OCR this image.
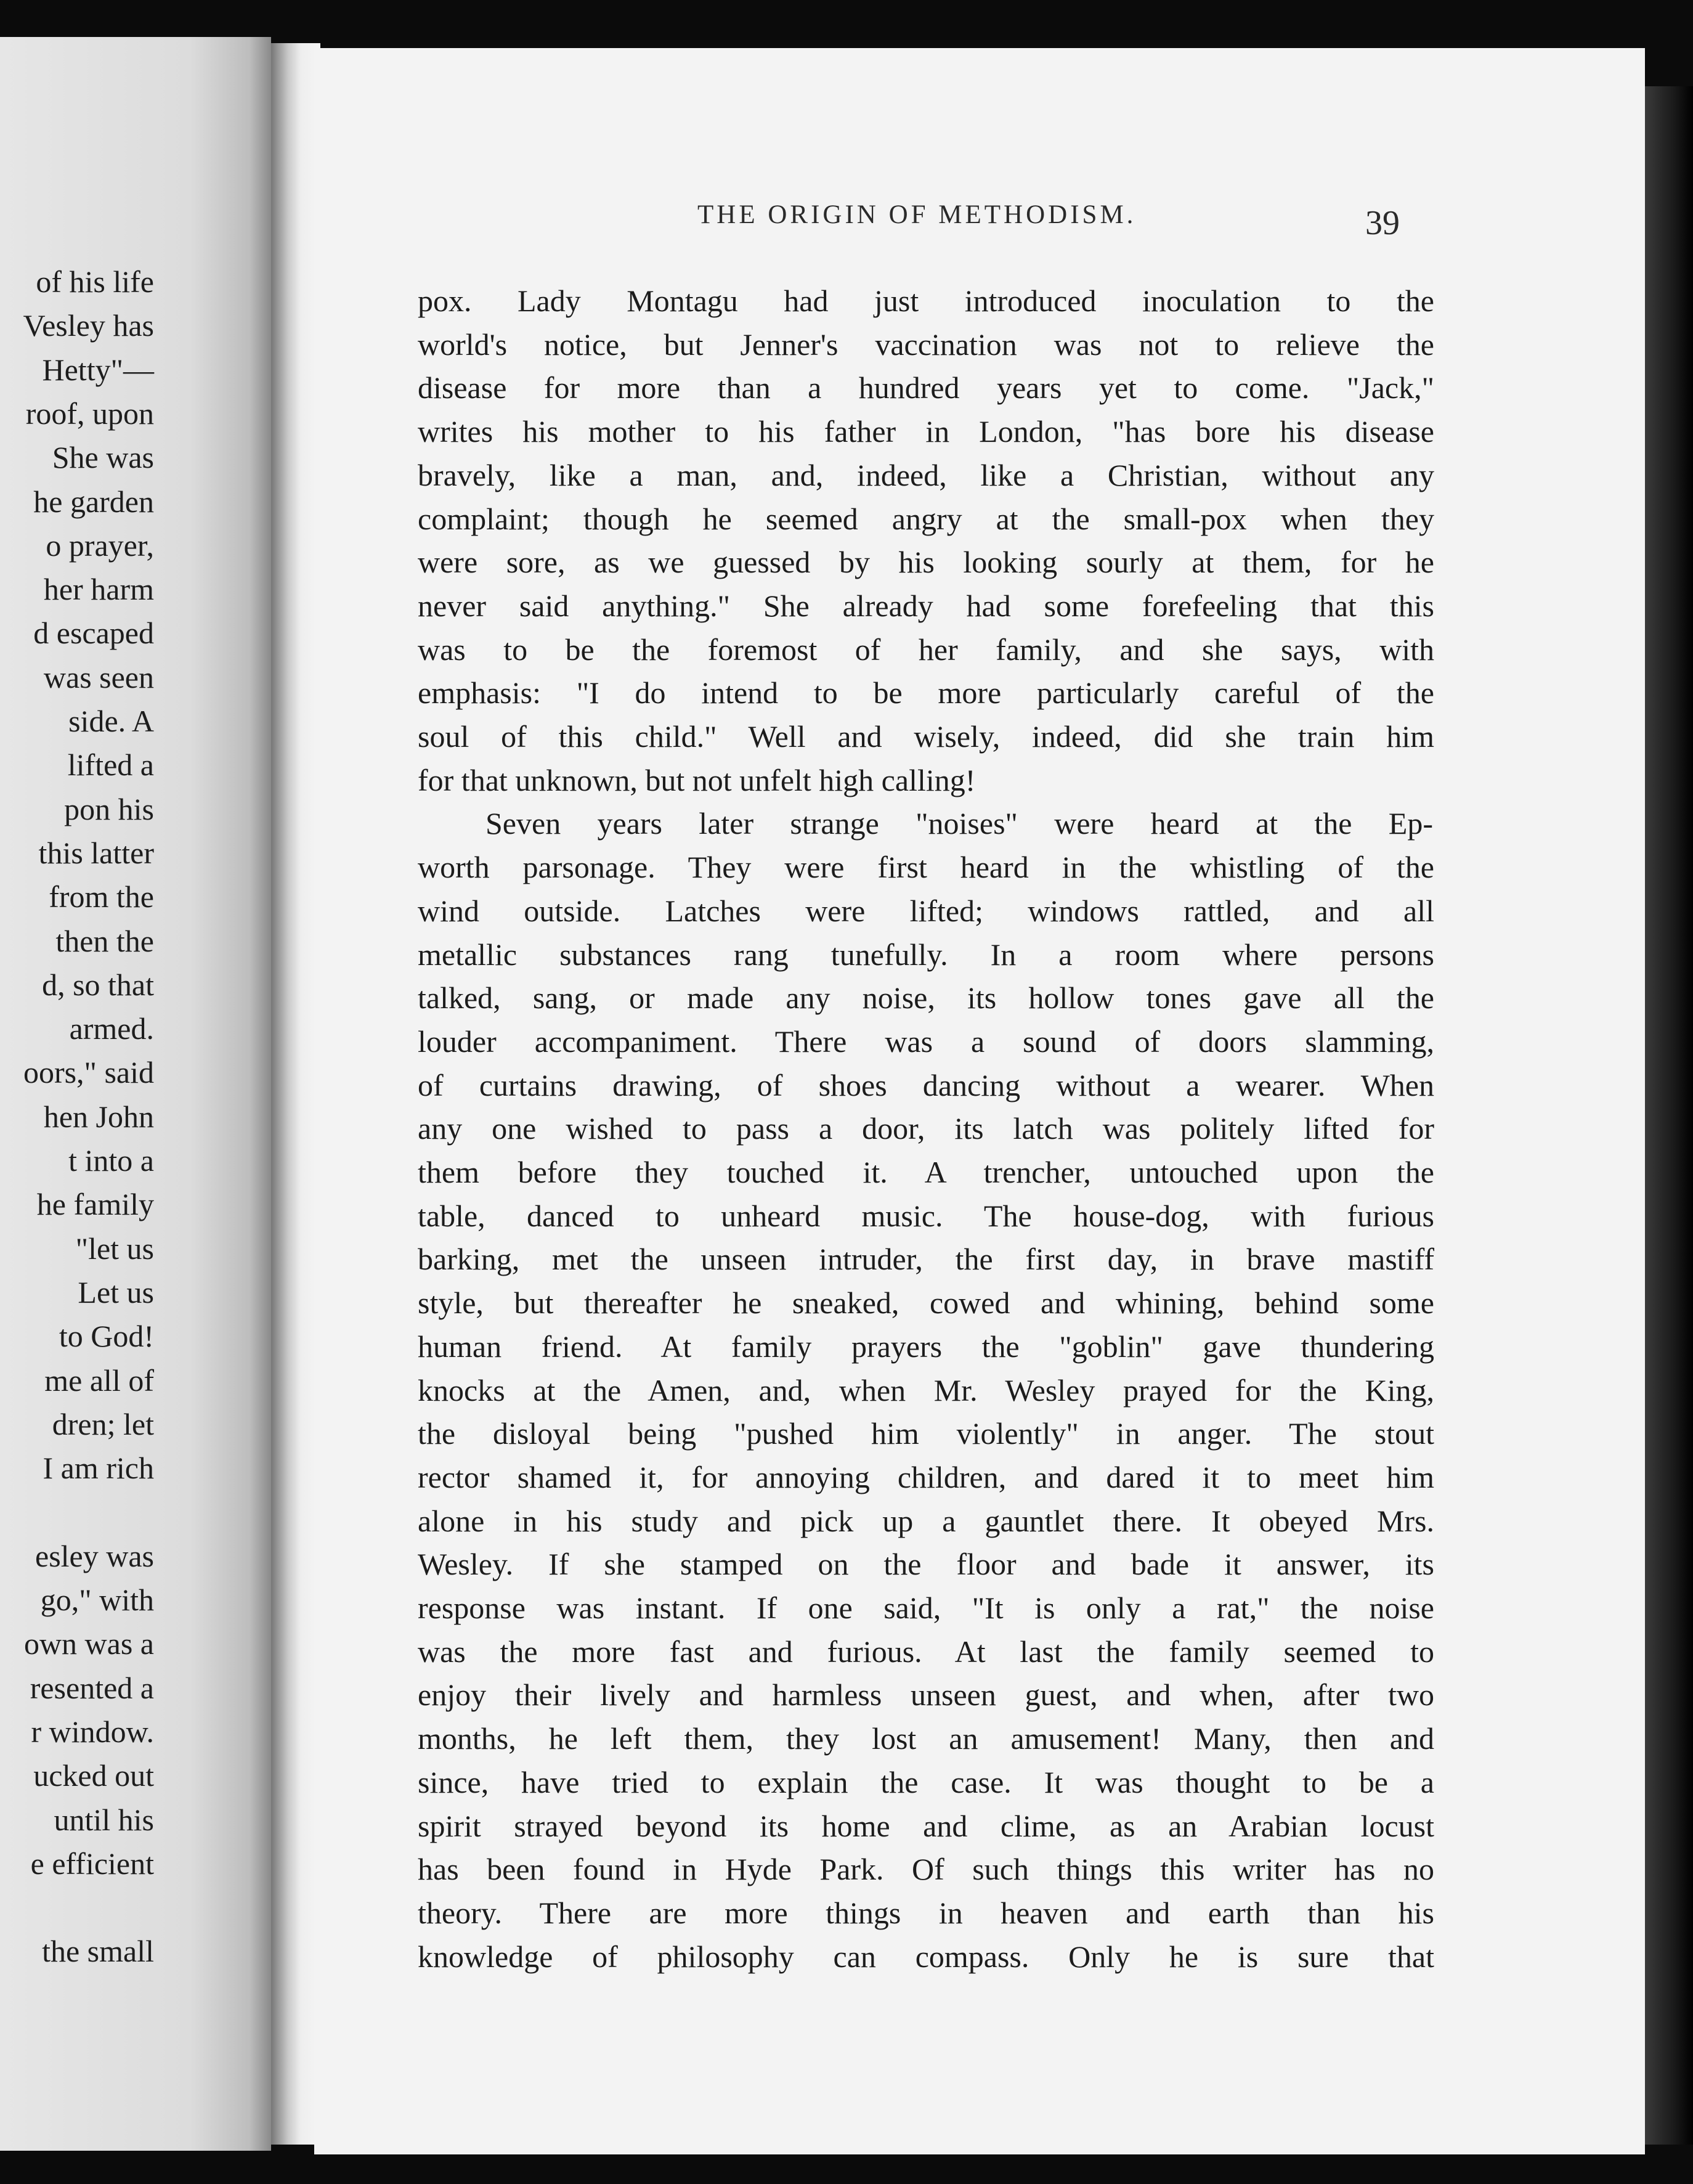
of his life
Vesley has
Hetty"—
roof, upon
She was
he garden
o prayer,
her harm
d escaped
was seen
side. A
lifted a
pon his
this latter
from the
then the
d, so that
armed.
oors," said
hen John
t into a
he family
"let us
Let us
to God!
me all of
dren; let
I am rich
esley was
go," with
own was a
resented a
r window.
ucked out
until his
e efficient
the small
THE ORIGIN OF METHODISM.	39
pox. Lady Montagu had just introduced inoculation to the
world's notice, but Jenner's vaccination was not to relieve the
disease for more than a hundred years yet to come. "Jack,"
writes his mother to his father in London, "has bore his disease
bravely, like a man, and, indeed, like a Christian, without any
complaint; though he seemed angry at the small-pox when they
were sore, as we guessed by his looking sourly at them, for he
never said anything." She already had some forefeeling that this
was to be the foremost of her family, and she says, with
emphasis: "I do intend to be more particularly careful of the
soul of this child." Well and wisely, indeed, did she train him
for that unknown, but not unfelt high calling!
Seven years later strange "noises" were heard at the Ep-
worth parsonage. They were first heard in the whistling of the
wind outside. Latches were lifted; windows rattled, and all
metallic substances rang tunefully. In a room where persons
talked, sang, or made any noise, its hollow tones gave all the
louder accompaniment. There was a sound of doors slamming,
of curtains drawing, of shoes dancing without a wearer. When
any one wished to pass a door, its latch was politely lifted for
them before they touched it. A trencher, untouched upon the
table, danced to unheard music. The house-dog, with furious
barking, met the unseen intruder, the first day, in brave mastiff
style, but thereafter he sneaked, cowed and whining, behind some
human friend. At family prayers the "goblin" gave thundering
knocks at the Amen, and, when Mr. Wesley prayed for the King,
the disloyal being "pushed him violently" in anger. The stout
rector shamed it, for annoying children, and dared it to meet him
alone in his study and pick up a gauntlet there. It obeyed Mrs.
Wesley. If she stamped on the floor and bade it answer, its
response was instant. If one said, "It is only a rat," the noise
was the more fast and furious. At last the family seemed to
enjoy their lively and harmless unseen guest, and when, after two
months, he left them, they lost an amusement! Many, then and
since, have tried to explain the case. It was thought to be a
spirit strayed beyond its home and clime, as an Arabian locust
has been found in Hyde Park. Of such things this writer has no
theory. There are more things in heaven and earth than his
knowledge of philosophy can compass. Only he is sure that
